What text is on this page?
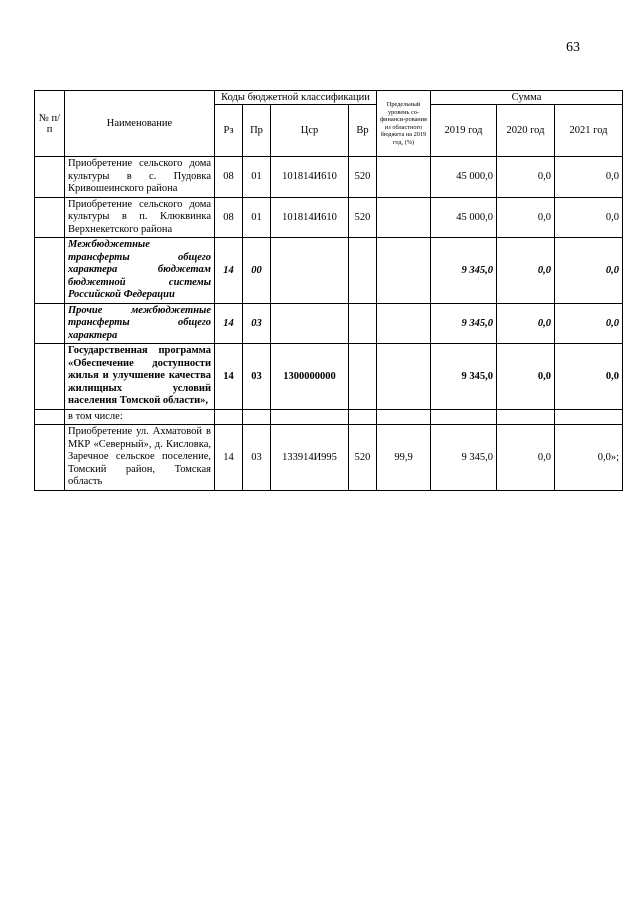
63
№ п/п	Наименование	Коды бюджетной классификации				Предельный уровень со-финанси-рования из областного бюджета на 2019 год, (%)	Сумма		
		Рз	Пр	Цср	Вр		2019 год	2020 год	2021 год
	Приобретение сельского дома культуры в с. Пудовка Кривошеинского района	08	01	101814И610	520		45 000,0	0,0	0,0
	Приобретение сельского дома культуры в п. Клюквинка Верхнекетского района	08	01	101814И610	520		45 000,0	0,0	0,0
	Межбюджетные трансферты общего характера бюджетам бюджетной системы Российской Федерации	14	00				9 345,0	0,0	0,0
	Прочие межбюджетные трансферты общего характера	14	03				9 345,0	0,0	0,0
	Государственная программа «Обеспечение доступности жилья и улучшение качества жилищных условий населения Томской области»,	14	03	1300000000			9 345,0	0,0	0,0
	в том числе:								
	Приобретение ул. Ахматовой в МКР «Северный», д. Кисловка, Заречное сельское поселение, Томский район, Томская область	14	03	133914И995	520	99,9	9 345,0	0,0	0,0»;
